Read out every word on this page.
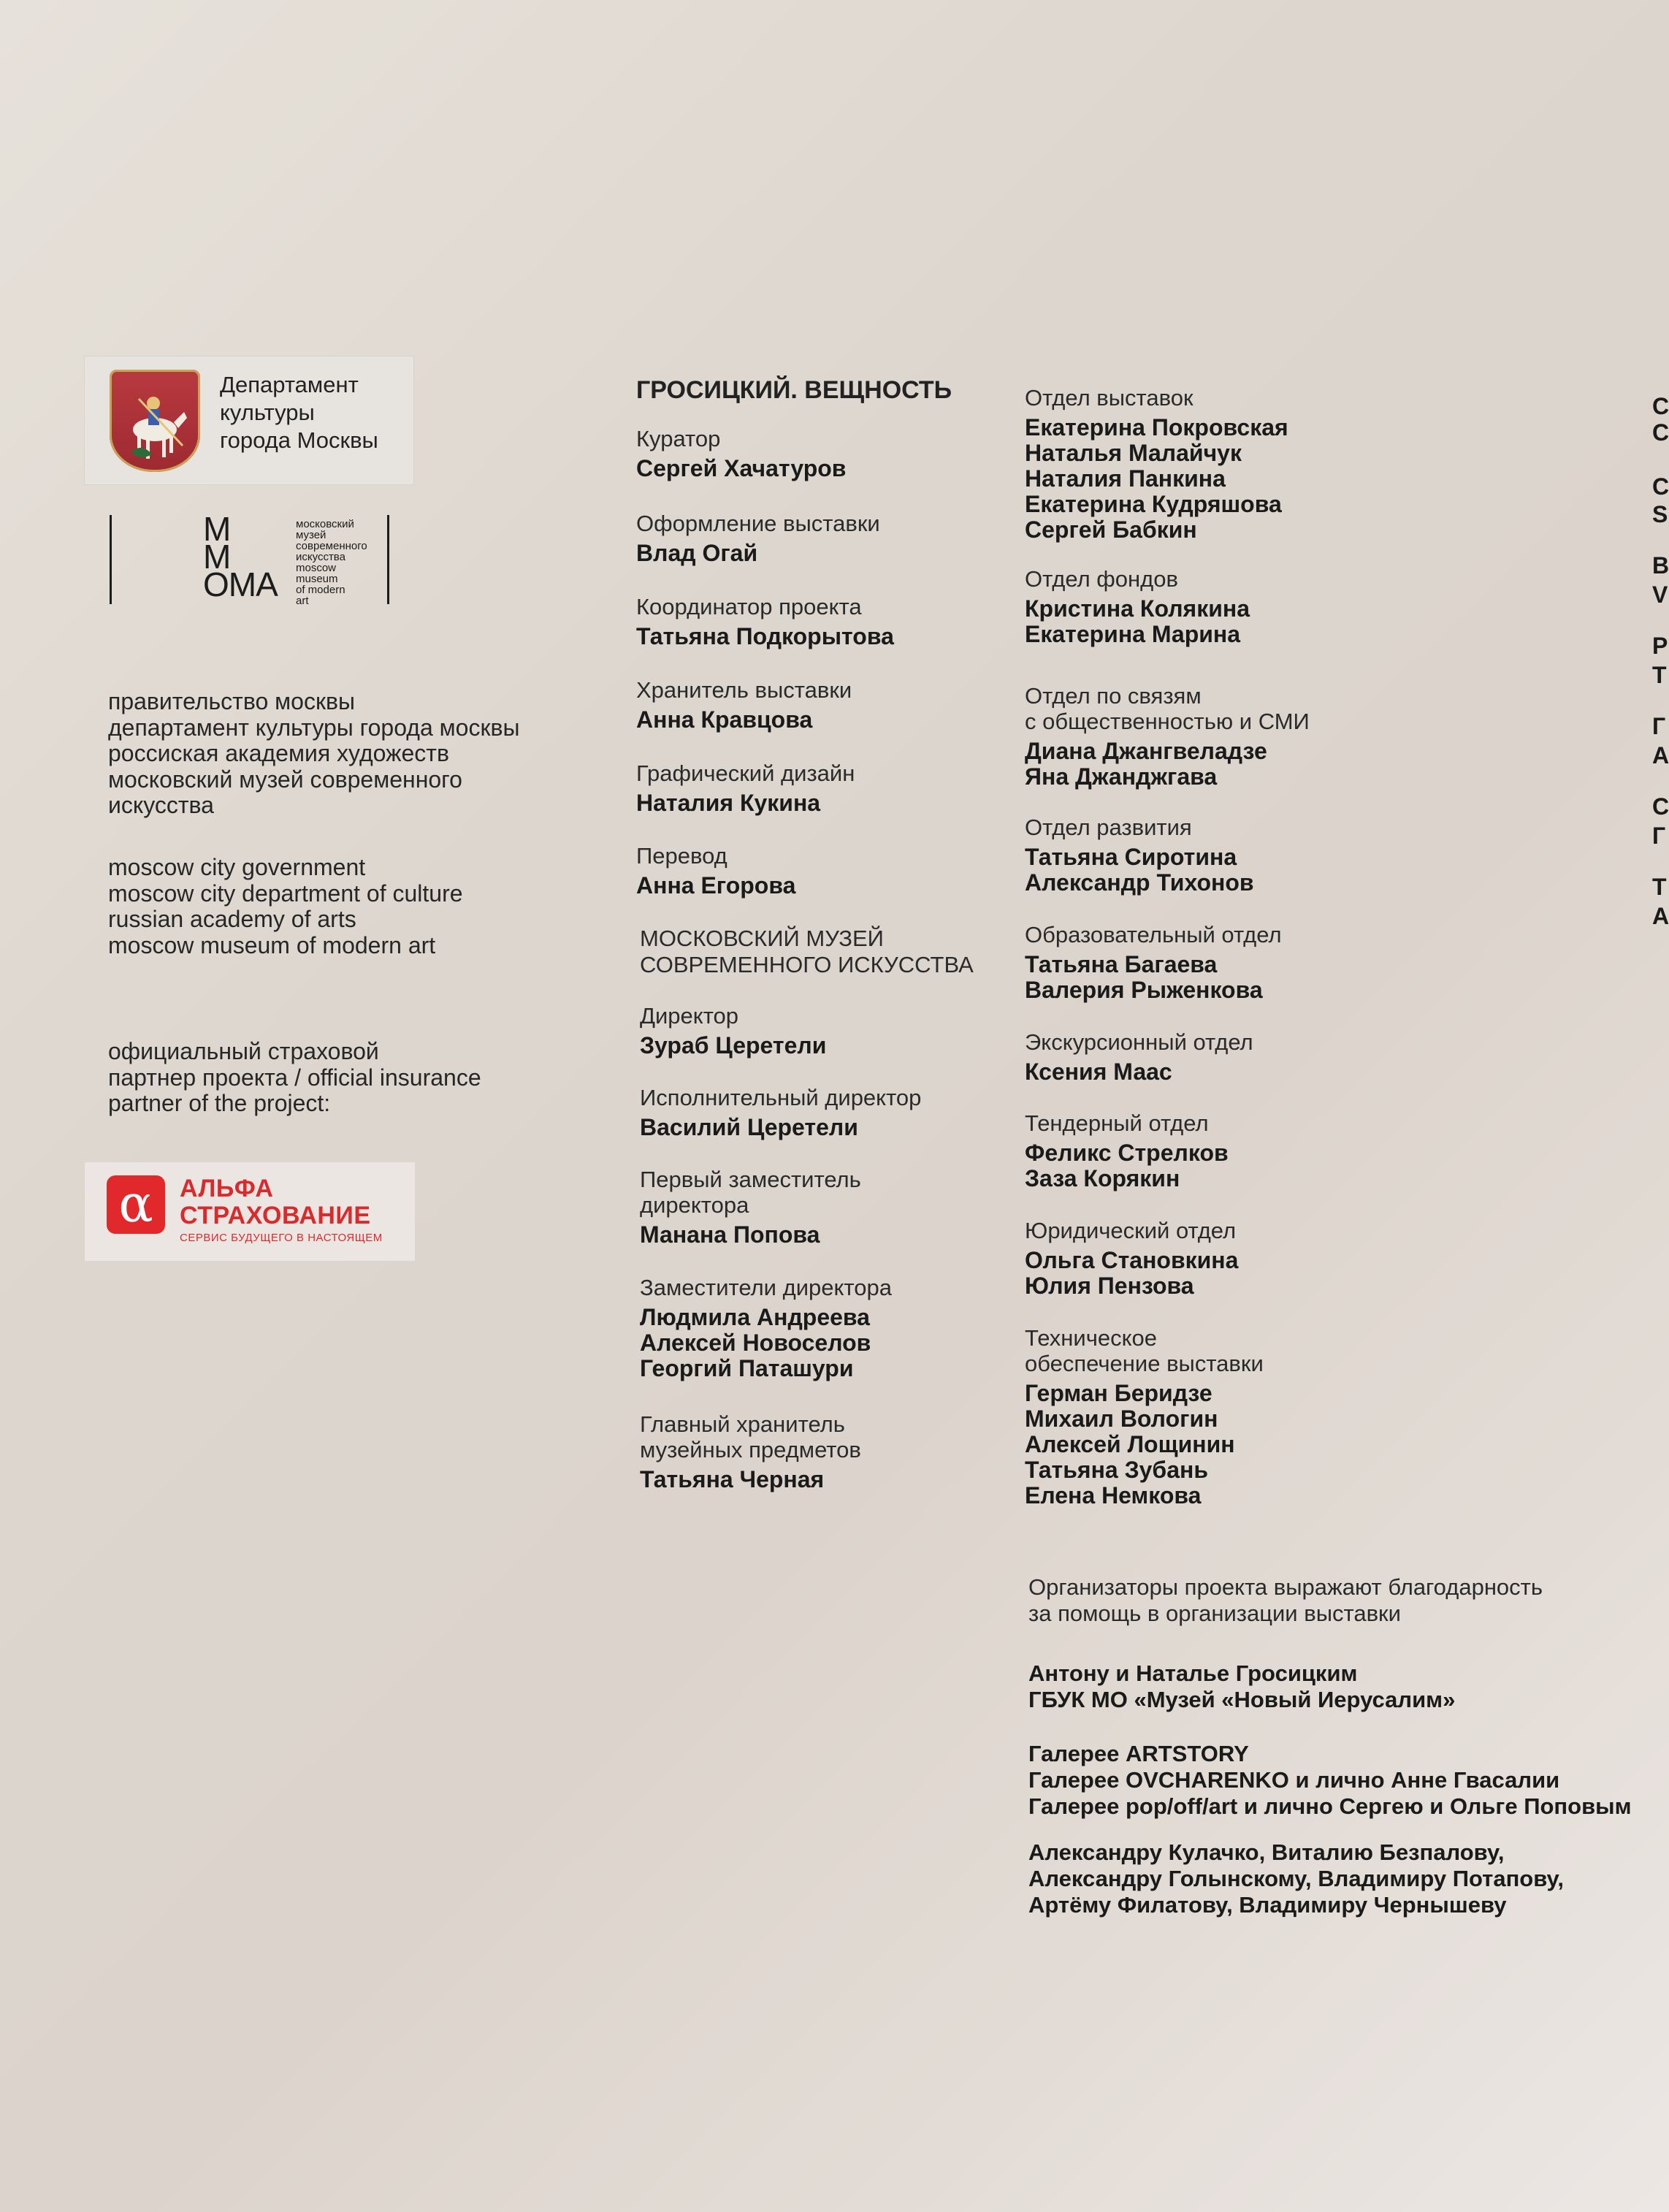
Департамент
культуры
города Москвы
M
M
OMA
московский
музей
современного
искусства
moscow
museum
of modern
art
правительство москвы
департамент культуры города москвы
россиская академия художеств
московский музей современного
искусства
moscow city government
moscow city department of culture
russian academy of arts
moscow museum of modern art
официальный страховой
партнер проекта / official insurance
partner of the project:
α	АЛЬФА
СТРАХОВАНИЕ
СЕРВИС БУДУЩЕГО В НАСТОЯЩЕМ
ГРОСИЦКИЙ. ВЕЩНОСТЬ
Куратор
Сергей Хачатуров
Оформление выставки
Влад Огай
Координатор проекта
Татьяна Подкорытова
Хранитель выставки
Анна Кравцова
Графический дизайн
Наталия Кукина
Перевод
Анна Егорова
МОСКОВСКИЙ МУЗЕЙ
СОВРЕМЕННОГО ИСКУССТВА
Директор
Зураб Церетели
Исполнительный директор
Василий Церетели
Первый заместитель
директора
Манана Попова
Заместители директора
Людмила Андреева
Алексей Новоселов
Георгий Паташури
Главный хранитель
музейных предметов
Татьяна Черная
Отдел выставок
Екатерина Покровская
Наталья Малайчук
Наталия Панкина
Екатерина Кудряшова
Сергей Бабкин
Отдел фондов
Кристина Колякина
Екатерина Марина
Отдел по связям
с общественностью и СМИ
Диана Джангвеладзе
Яна Джанджгава
Отдел развития
Татьяна Сиротина
Александр Тихонов
Образовательный отдел
Татьяна Багаева
Валерия Рыженкова
Экскурсионный отдел
Ксения Маас
Тендерный отдел
Феликс Стрелков
Заза Корякин
Юридический отдел
Ольга Становкина
Юлия Пензова
Техническое
обеспечение выставки
Герман Беридзе
Михаил Вологин
Алексей Лощинин
Татьяна Зубань
Елена Немкова
Организаторы проекта выражают благодарность
за помощь в организации выставки
Антону и Наталье Гросицким
ГБУК МО «Музей «Новый Иерусалим»
Галерее ARTSTORY
Галерее OVCHARENKO и лично Анне Гвасалии
Галерее pop/off/art и лично Сергею и Ольге Поповым
Александру Кулачко, Виталию Безпалову,
Александру Голынскому, Владимиру Потапову,
Артёму Филатову, Владимиру Чернышеву
С
С
С
S
В
V
Р
Т
Г
А
С
Г
Т
А
